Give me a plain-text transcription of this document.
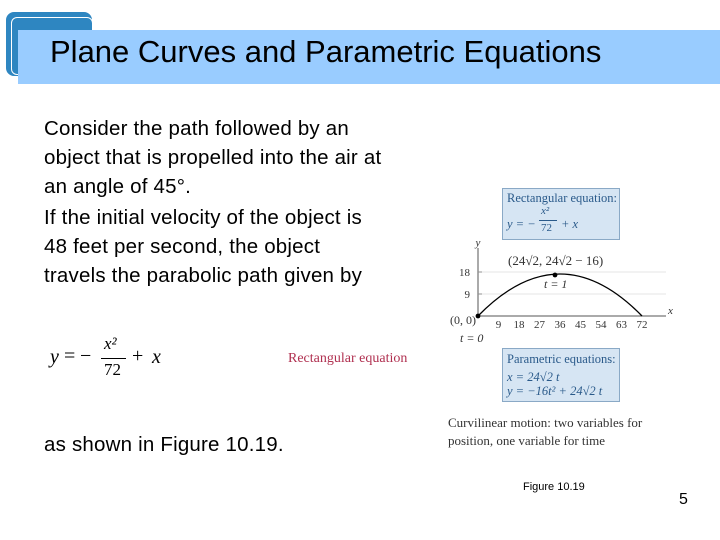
Plane Curves and Parametric Equations
Consider the path followed by an object that is propelled into the air at an angle of 45°.
If the initial velocity of the object is 48 feet per second, the object travels the parabolic path given by
y = −
x²
72
+ x	Rectangular equation
as shown in Figure 10.19.
Rectangular equation:
y = −
x²
72 + x
y
x
(24√2, 24√2 − 16)
t = 1
(0, 0)
t = 0
9 18 27 36 45 54 63 72
9
18
Parametric equations:
x = 24√2 t
y = −16t² + 24√2 t
Curvilinear motion: two variables for
position, one variable for time
Figure 10.19
5
